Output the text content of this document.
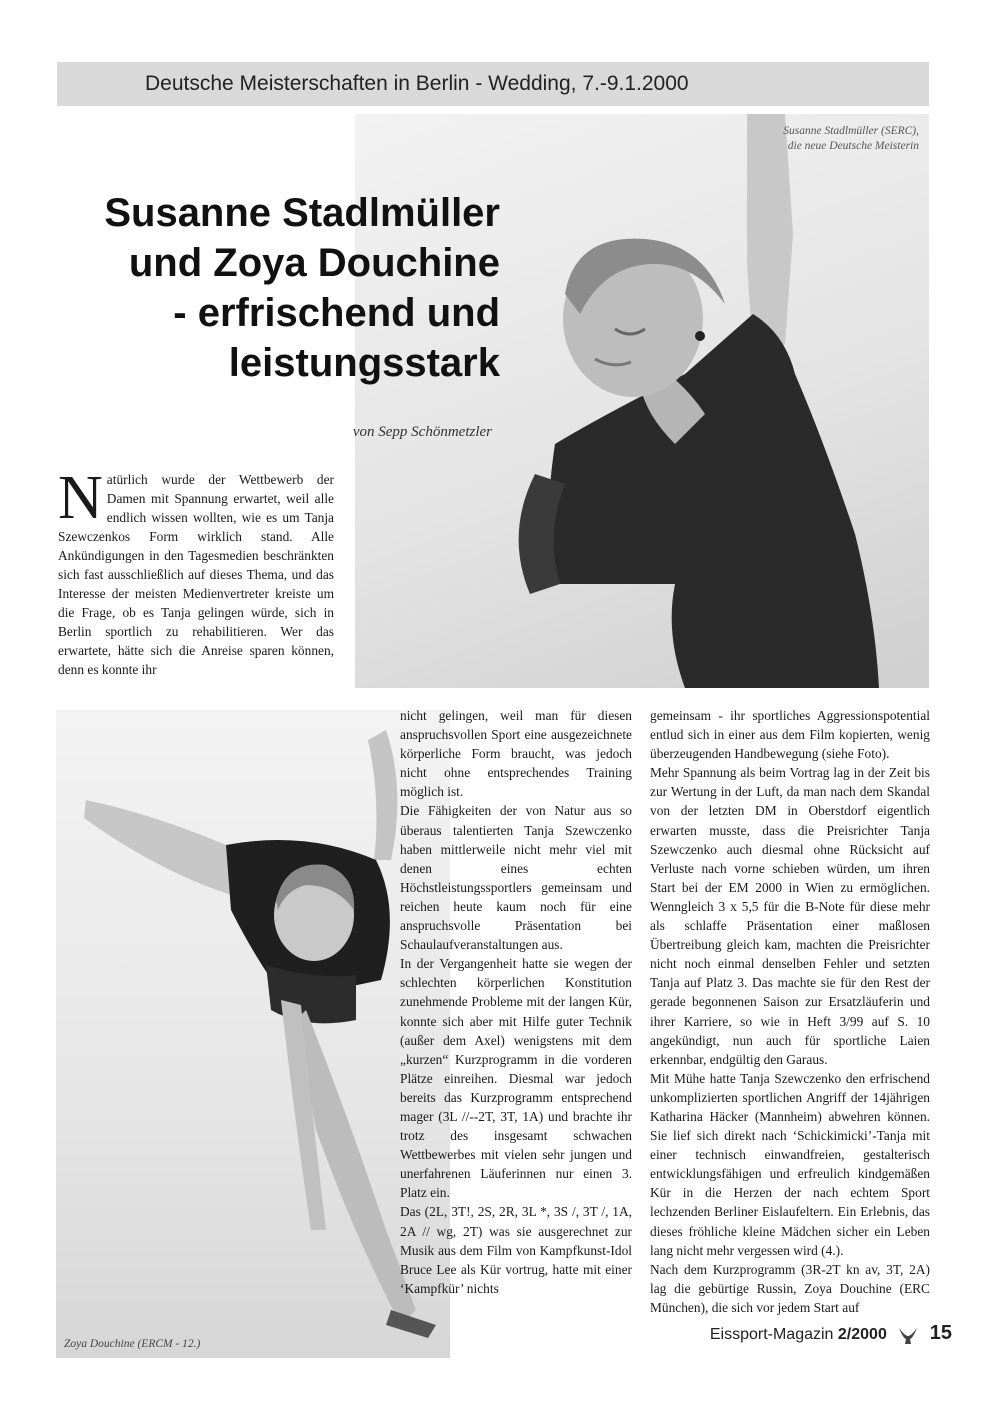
Deutsche Meisterschaften in Berlin - Wedding, 7.-9.1.2000
Susanne Stadlmüller (SERC), die neue Deutsche Meisterin
Zoya Douchine (ERCM - 12.)
Susanne Stadlmüller
und Zoya Douchine
- erfrischend und
leistungsstark
von Sepp Schönmetzler
Natürlich wurde der Wettbewerb der Damen mit Spannung erwartet, weil alle endlich wissen wollten, wie es um Tanja Szewczenkos Form wirklich stand. Alle Ankündigungen in den Tagesmedien beschränkten sich fast ausschließlich auf dieses Thema, und das Interesse der meisten Medienvertreter kreiste um die Frage, ob es Tanja gelingen würde, sich in Berlin sportlich zu rehabilitieren. Wer das erwartete, hätte sich die Anreise sparen können, denn es konnte ihr

nicht gelingen, weil man für diesen anspruchsvollen Sport eine ausgezeichnete körperliche Form braucht, was jedoch nicht ohne entsprechendes Training möglich ist.

Die Fähigkeiten der von Natur aus so überaus talentierten Tanja Szewczenko haben mittlerweile nicht mehr viel mit denen eines echten Höchstleistungssportlers gemeinsam und reichen heute kaum noch für eine anspruchsvolle Präsentation bei Schaulaufveranstaltungen aus.

In der Vergangenheit hatte sie wegen der schlechten körperlichen Konstitution zunehmende Probleme mit der langen Kür, konnte sich aber mit Hilfe guter Technik (außer dem Axel) wenigstens mit dem „kurzen“ Kurzprogramm in die vorderen Plätze einreihen. Diesmal war jedoch bereits das Kurzprogramm entsprechend mager (3L //--2T, 3T, 1A) und brachte ihr trotz des insgesamt schwachen Wettbewerbes mit vielen sehr jungen und unerfahrenen Läuferinnen nur einen 3. Platz ein.

Das (2L, 3T!, 2S, 2R, 3L *, 3S /, 3T /, 1A, 2A // wg, 2T) was sie ausgerechnet zur Musik aus dem Film von Kampfkunst-Idol Bruce Lee als Kür vortrug, hatte mit einer ‘Kampfkür’ nichts

gemeinsam - ihr sportliches Aggressionspotential entlud sich in einer aus dem Film kopierten, wenig überzeugenden Handbewegung (siehe Foto).

Mehr Spannung als beim Vortrag lag in der Zeit bis zur Wertung in der Luft, da man nach dem Skandal von der letzten DM in Oberstdorf eigentlich erwarten musste, dass die Preisrichter Tanja Szewczenko auch diesmal ohne Rücksicht auf Verluste nach vorne schieben würden, um ihren Start bei der EM 2000 in Wien zu ermöglichen. Wenngleich 3 x 5,5 für die B-Note für diese mehr als schlaffe Präsentation einer maßlosen Übertreibung gleich kam, machten die Preisrichter nicht noch einmal denselben Fehler und setzten Tanja auf Platz 3. Das machte sie für den Rest der gerade begonnenen Saison zur Ersatzläuferin und ihrer Karriere, so wie in Heft 3/99 auf S. 10 angekündigt, nun auch für sportliche Laien erkennbar, endgültig den Garaus.

Mit Mühe hatte Tanja Szewczenko den erfrischend unkomplizierten sportlichen Angriff der 14jährigen Katharina Häcker (Mannheim) abwehren können. Sie lief sich direkt nach ‘Schickimicki’-Tanja mit einer technisch einwandfreien, gestalterisch entwicklungsfähigen und erfreulich kindgemäßen Kür in die Herzen der nach echtem Sport lechzenden Berliner Eislaufeltern. Ein Erlebnis, das dieses fröhliche kleine Mädchen sicher ein Leben lang nicht mehr vergessen wird (4.).

Nach dem Kurzprogramm (3R-2T kn av, 3T, 2A) lag die gebürtige Russin, Zoya Douchine (ERC München), die sich vor jedem Start auf

Eissport-Magazin 2/2000 15
